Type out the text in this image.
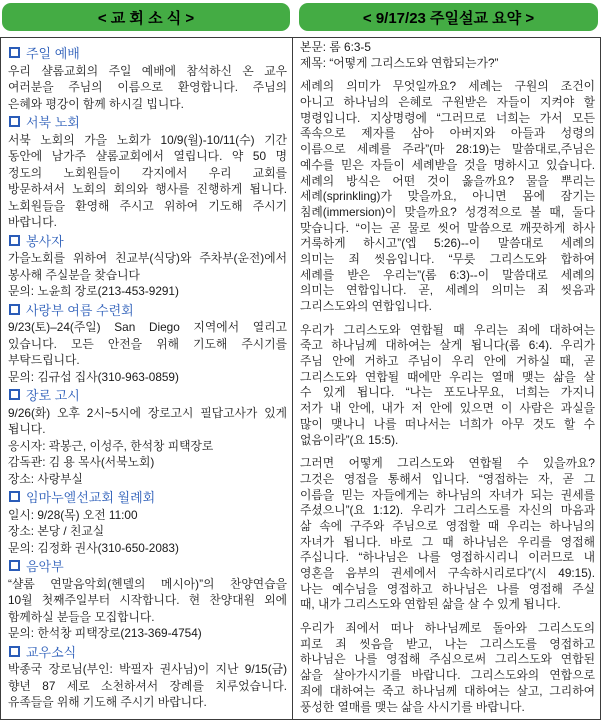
< 교 회 소 식 >	< 9/17/23 주일설교 요약 >
주일 예배
우리 샬롬교회의 주일 예배에 참석하신 온 교우
여러분을 주님의 이름으로 환영합니다. 주님의
은혜와 평강이 함께 하시길 빕니다.
서북 노회
서북 노회의 가을 노회가 10/9(월)-10/11(수) 기간
동안에 남가주 샬롬교회에서 열립니다. 약 50 명
정도의 노회원들이 각지에서 우리 교회를
방문하셔서 노회의 회의와 행사를 진행하게 됩니다.
노회원들을 환영해 주시고 위하여 기도해 주시기
바랍니다.
봉사자
가을노회를 위하여 친교부(식당)와 주차부(운전)에서
봉사해 주실분을 찾습니다
문의: 노윤희 장로(213-453-9291)
사랑부 여름 수련회
9/23(토)–24(주일) San Diego 지역에서 열리고
있습니다. 모든 안전을 위해 기도해 주시기를
부탁드립니다.
문의: 김규섭 집사(310-963-0859)
장로 고시
9/26(화) 오후 2시~5시에 장로고시 필답고사가 있게
됩니다.
응시자: 곽봉근, 이성주, 한석창 피택장로
감독관: 김 용 목사(서북노회)
장소: 사랑부실
임마누엘선교회 월례회
일시: 9/28(목) 오전 11:00
장소: 본당 / 친교실
문의: 김정화 권사(310-650-2083)
음악부
“샬롬 연말음악회(헨델의 메시아)”의 찬양연습을
10월 첫째주일부터 시작합니다. 현 찬양대원 외에
함께하실 분들을 모집합니다.
문의: 한석창 피택장로(213-369-4754)
교우소식
박종국 장로님(부인: 박필자 권사님)이 지난 9/15(금)
향년 87 세로 소천하셔서 장례를 치루었습니다.
유족들을 위해 기도해 주시기 바랍니다.
본문: 롬 6:3-5
제목: “어떻게 그리스도와 연합되는가?”
세례의 의미가 무엇일까요? 세례는 구원의 조건이
아니고 하나님의 은혜로 구원받은 자들이 지켜야 할
명령입니다. 지상명령에 “그러므로 너희는 가서 모든
족속으로 제자를 삼아 아버지와 아들과 성령의
이름으로 세례를 주라”(마 28:19)는 말씀대로,주님은
예수를 믿은 자들이 세례받을 것을 명하시고 있습니다.
세례의 방식은 어떤 것이 옳을까요? 물을 뿌리는
세례(sprinkling)가 맞을까요, 아니면 몸에 잠기는
침례(immersion)이 맞을까요? 성경적으로 볼 때, 둘다
맞습니다. “이는 곧 물로 씻어 말씀으로 깨끗하게 하사
거룩하게 하시고”(엡 5:26)--이 말씀대로 세례의
의미는 죄 씻음입니다. “무릇 그리스도와 합하여
세례를 받은 우리는”(롬 6:3)--이 말씀대로 세례의
의미는 연합입니다. 곧, 세례의 의미는 죄 씻음과
그리스도와의 연합입니다.
우리가 그리스도와 연합될 때 우리는 죄에 대하여는
죽고 하나님께 대하여는 살게 됩니다(롬 6:4). 우리가
주님 안에 거하고 주님이 우리 안에 거하실 때, 곧
그리스도와 연합될 때에만 우리는 열매 맺는 삶을 살
수 있게 됩니다. “나는 포도나무요, 너희는 가지니
저가 내 안에, 내가 저 안에 있으면 이 사람은 과실을
많이 맺나니 나를 떠나서는 너희가 아무 것도 할 수
없음이라”(요 15:5).
그러면 어떻게 그리스도와 연합될 수 있을까요?
그것은 영접을 통해서 입니다. “영접하는 자, 곧 그
이름을 믿는 자들에게는 하나님의 자녀가 되는 권세를
주셨으니”(요 1:12). 우리가 그리스도를 자신의 마음과
삶 속에 구주와 주님으로 영접할 때 우리는 하나님의
자녀가 됩니다. 바로 그 때 하나님은 우리를 영접해
주십니다. “하나님은 나를 영접하시리니 이러므로 내
영혼을 음부의 권세에서 구속하시리로다”(시 49:15).
나는 예수님을 영접하고 하나님은 나를 영접해 주실
때, 내가 그리스도와 연합된 삶을 살 수 있게 됩니다.
우리가 죄에서 떠나 하나님께로 돌아와 그리스도의
피로 죄 씻음을 받고, 나는 그리스도를 영접하고
하나님은 나를 영접해 주심으로써 그리스도와 연합된
삶을 살아가시기를 바랍니다. 그리스도와의 연합으로
죄에 대하여는 죽고 하나님께 대하여는 살고, 그리하여
풍성한 열매를 맺는 삶을 사시기를 바랍니다.
